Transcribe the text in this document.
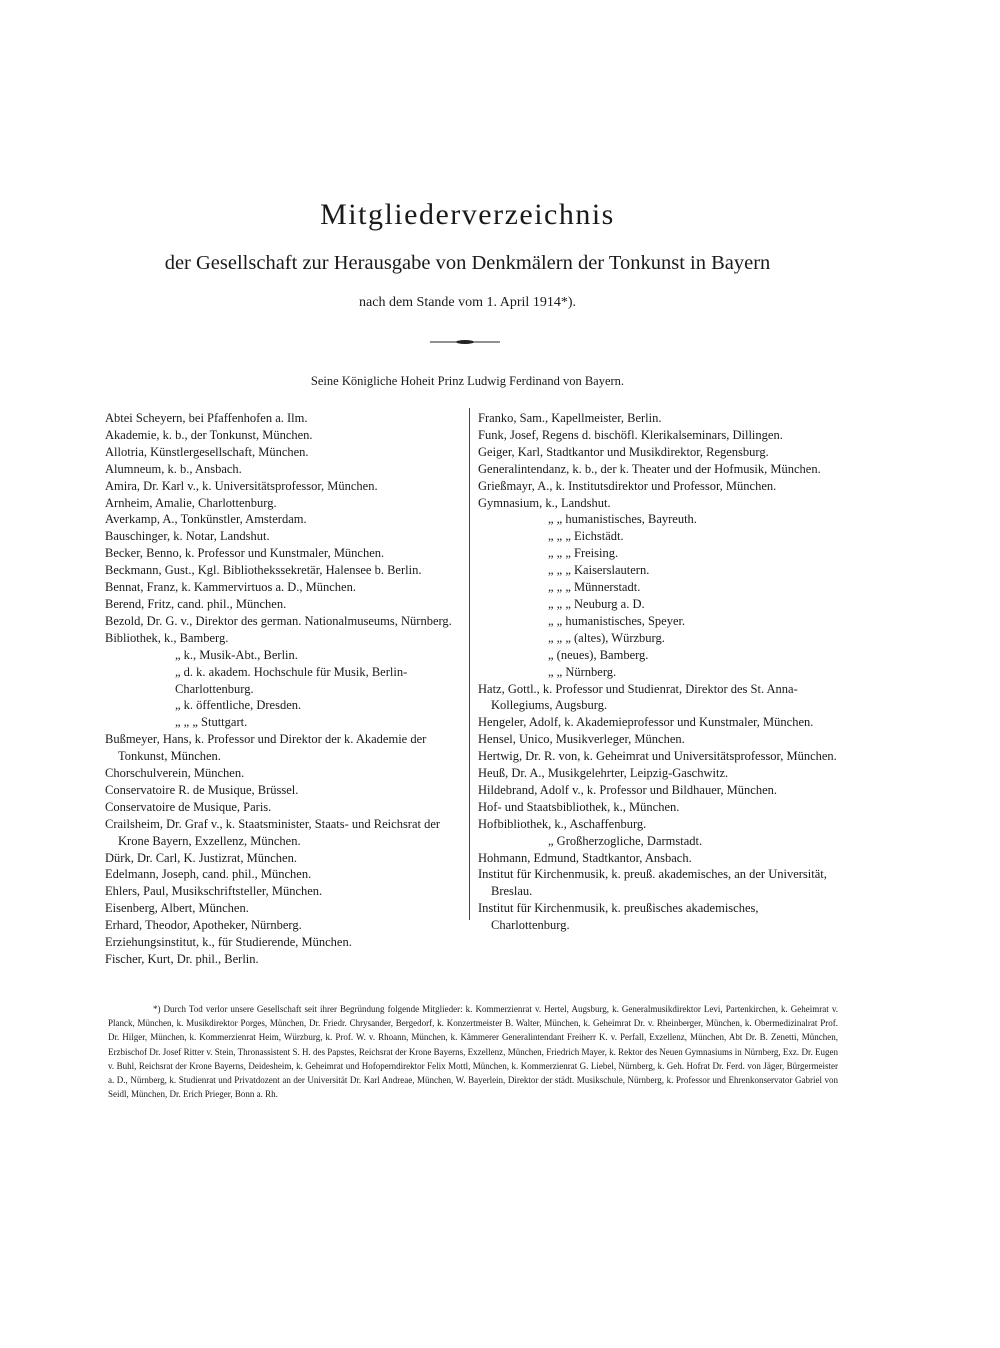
Mitgliederverzeichnis
der Gesellschaft zur Herausgabe von Denkmälern der Tonkunst in Bayern
nach dem Stande vom 1. April 1914*).
Seine Königliche Hoheit Prinz Ludwig Ferdinand von Bayern.
Abtei Scheyern, bei Pfaffenhofen a. Ilm.
Akademie, k. b., der Tonkunst, München.
Allotria, Künstlergesellschaft, München.
Alumneum, k. b., Ansbach.
Amira, Dr. Karl v., k. Universitätsprofessor, München.
Arnheim, Amalie, Charlottenburg.
Averkamp, A., Tonkünstler, Amsterdam.
Bauschinger, k. Notar, Landshut.
Becker, Benno, k. Professor und Kunstmaler, München.
Beckmann, Gust., Kgl. Bibliothekssekretär, Halensee b. Berlin.
Bennat, Franz, k. Kammervirtuos a. D., München.
Berend, Fritz, cand. phil., München.
Bezold, Dr. G. v., Direktor des german. Nationalmuseums, Nürnberg.
Bibliothek, k., Bamberg.
„ k., Musik-Abt., Berlin.
„ d. k. akadem. Hochschule für Musik, Berlin-Charlottenburg.
„ k. öffentliche, Dresden.
„ „ „ Stuttgart.
Bußmeyer, Hans, k. Professor und Direktor der k. Akademie der Tonkunst, München.
Chorschulverein, München.
Conservatoire R. de Musique, Brüssel.
Conservatoire de Musique, Paris.
Crailsheim, Dr. Graf v., k. Staatsminister, Staats- und Reichsrat der Krone Bayern, Exzellenz, München.
Dürk, Dr. Carl, K. Justizrat, München.
Edelmann, Joseph, cand. phil., München.
Ehlers, Paul, Musikschriftsteller, München.
Eisenberg, Albert, München.
Erhard, Theodor, Apotheker, Nürnberg.
Erziehungsinstitut, k., für Studierende, München.
Fischer, Kurt, Dr. phil., Berlin.
Franko, Sam., Kapellmeister, Berlin.
Funk, Josef, Regens d. bischöfl. Klerikalseminars, Dillingen.
Geiger, Karl, Stadtkantor und Musikdirektor, Regensburg.
Generalintendanz, k. b., der k. Theater und der Hofmusik, München.
Grießmayr, A., k. Institutsdirektor und Professor, München.
Gymnasium, k., Landshut.
„ „ humanistisches, Bayreuth.
„ „ „ Eichstädt.
„ „ „ Freising.
„ „ „ Kaiserslautern.
„ „ „ Münnerstadt.
„ „ „ Neuburg a. D.
„ „ humanistisches, Speyer.
„ „ „ (altes), Würzburg.
„ (neues), Bamberg.
„ „ Nürnberg.
Hatz, Gottl., k. Professor und Studienrat, Direktor des St. Anna-Kollegiums, Augsburg.
Hengeler, Adolf, k. Akademieprofessor und Kunstmaler, München.
Hensel, Unico, Musikverleger, München.
Hertwig, Dr. R. von, k. Geheimrat und Universitätsprofessor, München.
Heuß, Dr. A., Musikgelehrter, Leipzig-Gaschwitz.
Hildebrand, Adolf v., k. Professor und Bildhauer, München.
Hof- und Staatsbibliothek, k., München.
Hofbibliothek, k., Aschaffenburg.
„ Großherzogliche, Darmstadt.
Hohmann, Edmund, Stadtkantor, Ansbach.
Institut für Kirchenmusik, k. preuß. akademisches, an der Universität, Breslau.
Institut für Kirchenmusik, k. preußisches akademisches, Charlottenburg.

*) Durch Tod verlor unsere Gesellschaft seit ihrer Begründung folgende Mitglieder: k. Kommerzienrat v. Hertel, Augsburg, k. Generalmusikdirektor Levi, Partenkirchen, k. Geheimrat v. Planck, München, k. Musikdirektor Porges, München, Dr. Friedr. Chrysander, Bergedorf, k. Konzertmeister B. Walter, München, k. Geheimrat Dr. v. Rheinberger, München, k. Obermedizinalrat Prof. Dr. Hilger, München, k. Kommerzienrat Heim, Würzburg, k. Prof. W. v. Rhoann, München, k. Kämmerer Generalintendant Freiherr K. v. Perfall, Exzellenz, München, Abt Dr. B. Zenetti, München, Erzbischof Dr. Josef Ritter v. Stein, Thronassistent S. H. des Papstes, Reichsrat der Krone Bayerns, Exzellenz, München, Friedrich Mayer, k. Rektor des Neuen Gymnasiums in Nürnberg, Exz. Dr. Eugen v. Buhl, Reichsrat der Krone Bayerns, Deidesheim, k. Geheimrat und Hofoperndirektor Felix Mottl, München, k. Kommerzienrat G. Liebel, Nürnberg, k. Geh. Hofrat Dr. Ferd. von Jäger, Bürgermeister a. D., Nürnberg, k. Studienrat und Privatdozent an der Universität Dr. Karl Andreae, München, W. Bayerlein, Direktor der städt. Musikschule, Nürnberg, k. Professor und Ehrenkonservator Gabriel von Seidl, München, Dr. Erich Prieger, Bonn a. Rh.
